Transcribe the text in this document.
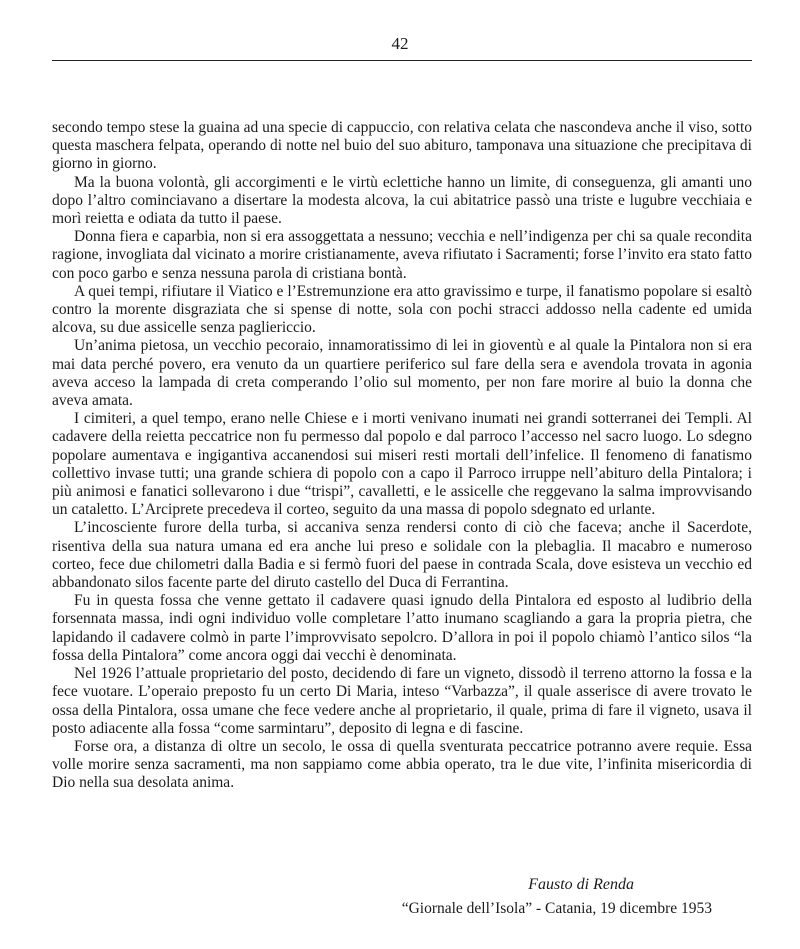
42

secondo tempo stese la guaina ad una specie di cappuccio, con relativa celata che nascondeva anche il viso, sotto questa maschera felpata, operando di notte nel buio del suo abituro, tamponava una situazione che precipitava di giorno in giorno.

Ma la buona volontà, gli accorgimenti e le virtù eclettiche hanno un limite, di conseguenza, gli amanti uno dopo l’altro cominciavano a disertare la modesta alcova, la cui abitatrice passò una triste e lugubre vecchiaia e morì reietta e odiata da tutto il paese.

Donna fiera e caparbia, non si era assoggettata a nessuno; vecchia e nell’indigenza per chi sa quale recondita ragione, invogliata dal vicinato a morire cristianamente, aveva rifiutato i Sacramenti; forse l’invito era stato fatto con poco garbo e senza nessuna parola di cristiana bontà.

A quei tempi, rifiutare il Viatico e l’Estremunzione era atto gravissimo e turpe, il fanatismo popolare si esaltò contro la morente disgraziata che si spense di notte, sola con pochi stracci addosso nella cadente ed umida alcova, su due assicelle senza pagliericcio.

Un’anima pietosa, un vecchio pecoraio, innamoratissimo di lei in gioventù e al quale la Pintalora non si era mai data perché povero, era venuto da un quartiere periferico sul fare della sera e avendola trovata in agonia aveva acceso la lampada di creta comperando l’olio sul momento, per non fare morire al buio la donna che aveva amata.

I cimiteri, a quel tempo, erano nelle Chiese e i morti venivano inumati nei grandi sotterranei dei Templi. Al cadavere della reietta peccatrice non fu permesso dal popolo e dal parroco l’accesso nel sacro luogo. Lo sdegno popolare aumentava e ingigantiva accanendosi sui miseri resti mortali dell’infelice. Il fenomeno di fanatismo collettivo invase tutti; una grande schiera di popolo con a capo il Parroco irruppe nell’abituro della Pintalora; i più animosi e fanatici sollevarono i due “trispi”, cavalletti, e le assicelle che reggevano la salma improvvisando un cataletto. L’Arciprete precedeva il corteo, seguito da una massa di popolo sdegnato ed urlante.

L’incosciente furore della turba, si accaniva senza rendersi conto di ciò che faceva; anche il Sacerdote, risentiva della sua natura umana ed era anche lui preso e solidale con la plebaglia. Il macabro e numeroso corteo, fece due chilometri dalla Badia e si fermò fuori del paese in contrada Scala, dove esisteva un vecchio ed abbandonato silos facente parte del diruto castello del Duca di Ferrantina.

Fu in questa fossa che venne gettato il cadavere quasi ignudo della Pintalora ed esposto al ludibrio della forsennata massa, indi ogni individuo volle completare l’atto inumano scagliando a gara la propria pietra, che lapidando il cadavere colmò in parte l’improvvisato sepolcro. D’allora in poi il popolo chiamò l’antico silos “la fossa della Pintalora” come ancora oggi dai vecchi è denominata.

Nel 1926 l’attuale proprietario del posto, decidendo di fare un vigneto, dissodò il terreno attorno la fossa e la fece vuotare. L’operaio preposto fu un certo Di Maria, inteso “Varbazza”, il quale asserisce di avere trovato le ossa della Pintalora, ossa umane che fece vedere anche al proprietario, il quale, prima di fare il vigneto, usava il posto adiacente alla fossa “come sarmintaru”, deposito di legna e di fascine.

Forse ora, a distanza di oltre un secolo, le ossa di quella sventurata peccatrice potranno avere requie. Essa volle morire senza sacramenti, ma non sappiamo come abbia operato, tra le due vite, l’infinita misericordia di Dio nella sua desolata anima.

Fausto di Renda
“Giornale dell’Isola” - Catania, 19 dicembre 1953
